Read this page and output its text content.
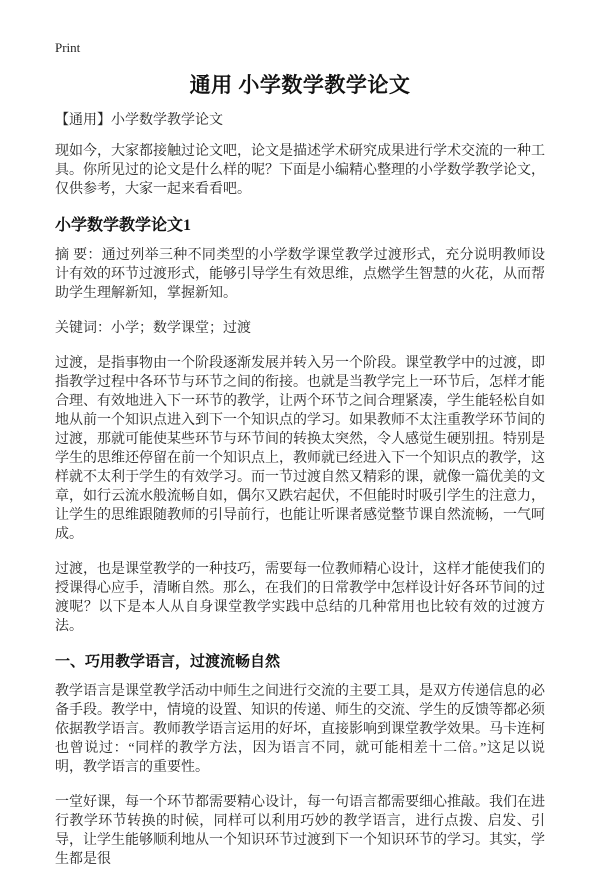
Print
通用 小学数学教学论文

【通用】小学数学教学论文

现如今，大家都接触过论文吧，论文是描述学术研究成果进行学术交流的一种工具。你所见过的论文是什么样的呢？下面是小编精心整理的小学数学教学论文，仅供参考，大家一起来看看吧。

小学数学教学论文1

摘 要：通过列举三种不同类型的小学数学课堂教学过渡形式，充分说明教师设计有效的环节过渡形式，能够引导学生有效思维，点燃学生智慧的火花，从而帮助学生理解新知，掌握新知。

关键词：小学；数学课堂；过渡

过渡，是指事物由一个阶段逐渐发展并转入另一个阶段。课堂教学中的过渡，即指教学过程中各环节与环节之间的衔接。也就是当教学完上一环节后，怎样才能合理、有效地进入下一环节的教学，让两个环节之间合理紧凑，学生能轻松自如地从前一个知识点进入到下一个知识点的学习。如果教师不太注重教学环节间的过渡，那就可能使某些环节与环节间的转换太突然，令人感觉生硬别扭。特别是学生的思维还停留在前一个知识点上，教师就已经进入下一个知识点的教学，这样就不太利于学生的有效学习。而一节过渡自然又精彩的课，就像一篇优美的文章，如行云流水般流畅自如，偶尔又跌宕起伏，不但能时时吸引学生的注意力，让学生的思维跟随教师的引导前行，也能让听课者感觉整节课自然流畅，一气呵成。

过渡，也是课堂教学的一种技巧，需要每一位教师精心设计，这样才能使我们的授课得心应手，清晰自然。那么，在我们的日常教学中怎样设计好各环节间的过渡呢？以下是本人从自身课堂教学实践中总结的几种常用也比较有效的过渡方法。

一、巧用教学语言，过渡流畅自然

教学语言是课堂教学活动中师生之间进行交流的主要工具，是双方传递信息的必备手段。教学中，情境的设置、知识的传递、师生的交流、学生的反馈等都必须依据教学语言。教师教学语言运用的好坏，直接影响到课堂教学效果。马卡连柯也曾说过：“同样的教学方法，因为语言不同，就可能相差十二倍。”这足以说明，教学语言的重要性。

一堂好课，每一个环节都需要精心设计，每一句语言都需要细心推敲。我们在进行教学环节转换的时候，同样可以利用巧妙的教学语言，进行点拨、启发、引导，让学生能够顺利地从一个知识环节过渡到下一个知识环节的学习。其实，学生都是很
